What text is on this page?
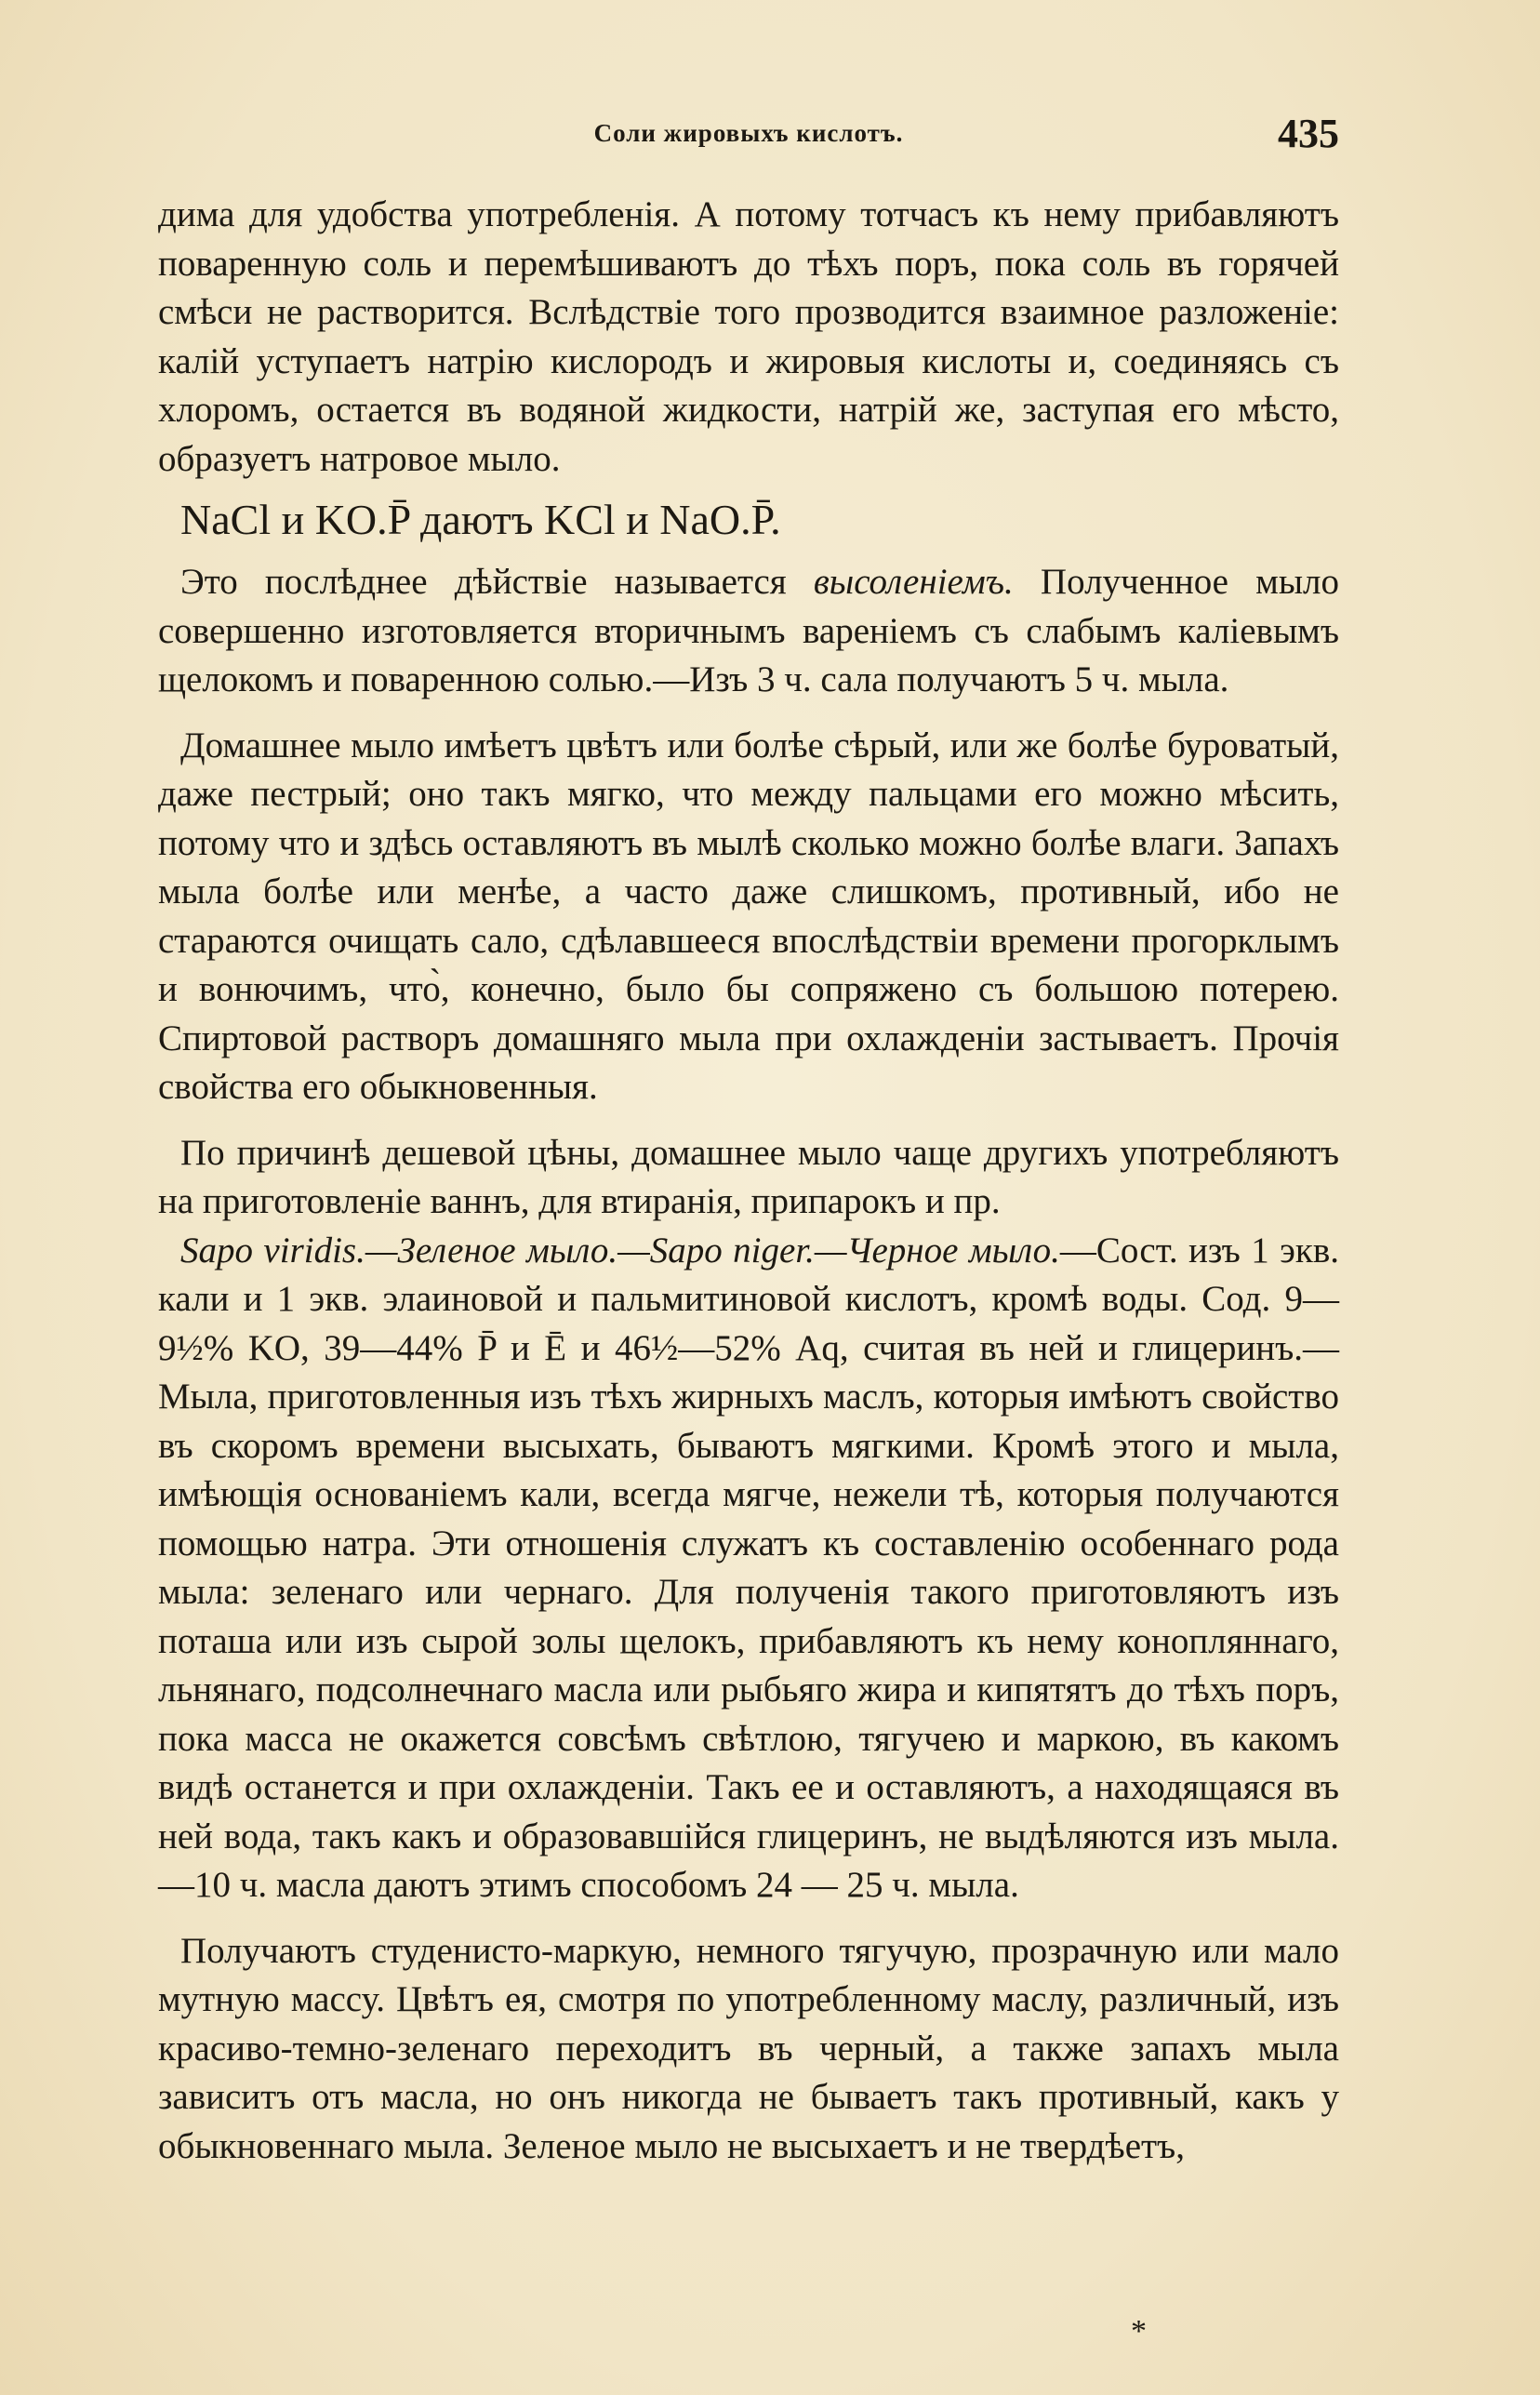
Соли жировыхъ кислотъ.	435

дима для удобства употребленія. А потому тотчасъ къ нему прибавляютъ поваренную соль и перемѣшиваютъ до тѣхъ поръ, пока соль въ горячей смѣси не растворится. Вслѣдствіе того прозводится взаимное разложеніе: калій уступаетъ натрію кислородъ и жировыя кислоты и, соединяясь съ хлоромъ, остается въ водяной жидкости, натрій же, заступая его мѣсто, образуетъ натровое мыло.

NaCl и KO.P̄ даютъ KCl и NaO.P̄.

Это послѣднее дѣйствіе называется высоленіемъ. Полученное мыло совершенно изготовляется вторичнымъ вареніемъ съ слабымъ каліевымъ щелокомъ и поваренною солью.—Изъ 3 ч. сала получаютъ 5 ч. мыла.

Домашнее мыло имѣетъ цвѣтъ или болѣе сѣрый, или же болѣе буроватый, даже пестрый; оно такъ мягко, что между пальцами его можно мѣсить, потому что и здѣсь оставляютъ въ мылѣ сколько можно болѣе влаги. Запахъ мыла болѣе или менѣе, а часто даже слишкомъ, противный, ибо не стараются очищать сало, сдѣлавшееся впослѣдствіи времени прогорклымъ и вонючимъ, что̀, конечно, было бы сопряжено съ большою потерею. Спиртовой растворъ домашняго мыла при охлажденіи застываетъ. Прочія свойства его обыкновенныя.

По причинѣ дешевой цѣны, домашнее мыло чаще другихъ употребляютъ на приготовленіе ваннъ, для втиранія, припарокъ и пр.

Sapo viridis.—Зеленое мыло.—Sapo niger.—Черное мыло.—Сост. изъ 1 экв. кали и 1 экв. элаиновой и пальмитиновой кислотъ, кромѣ воды. Сод. 9—9½% KO, 39—44% P̄ и Ē и 46½—52% Aq, считая въ ней и глицеринъ.—Мыла, приготовленныя изъ тѣхъ жирныхъ маслъ, которыя имѣютъ свойство въ скоромъ времени высыхать, бываютъ мягкими. Кромѣ этого и мыла, имѣющія основаніемъ кали, всегда мягче, нежели тѣ, которыя получаются помощью натра. Эти отношенія служатъ къ составленію особеннаго рода мыла: зеленаго или чернаго. Для полученія такого приготовляютъ изъ поташа или изъ сырой золы щелокъ, прибавляютъ къ нему конопляннаго, льнянаго, подсолнечнаго масла или рыбьяго жира и кипятятъ до тѣхъ поръ, пока масса не окажется совсѣмъ свѣтлою, тягучею и маркою, въ какомъ видѣ останется и при охлажденіи. Такъ ее и оставляютъ, а находящаяся въ ней вода, такъ какъ и образовавшійся глицеринъ, не выдѣляются изъ мыла.—10 ч. масла даютъ этимъ способомъ 24 — 25 ч. мыла.

Получаютъ студенисто-маркую, немного тягучую, прозрачную или мало мутную массу. Цвѣтъ ея, смотря по употребленному маслу, различный, изъ красиво-темно-зеленаго переходитъ въ черный, а также запахъ мыла зависитъ отъ масла, но онъ никогда не бываетъ такъ противный, какъ у обыкновеннаго мыла. Зеленое мыло не высыхаетъ и не твердѣетъ,

*
